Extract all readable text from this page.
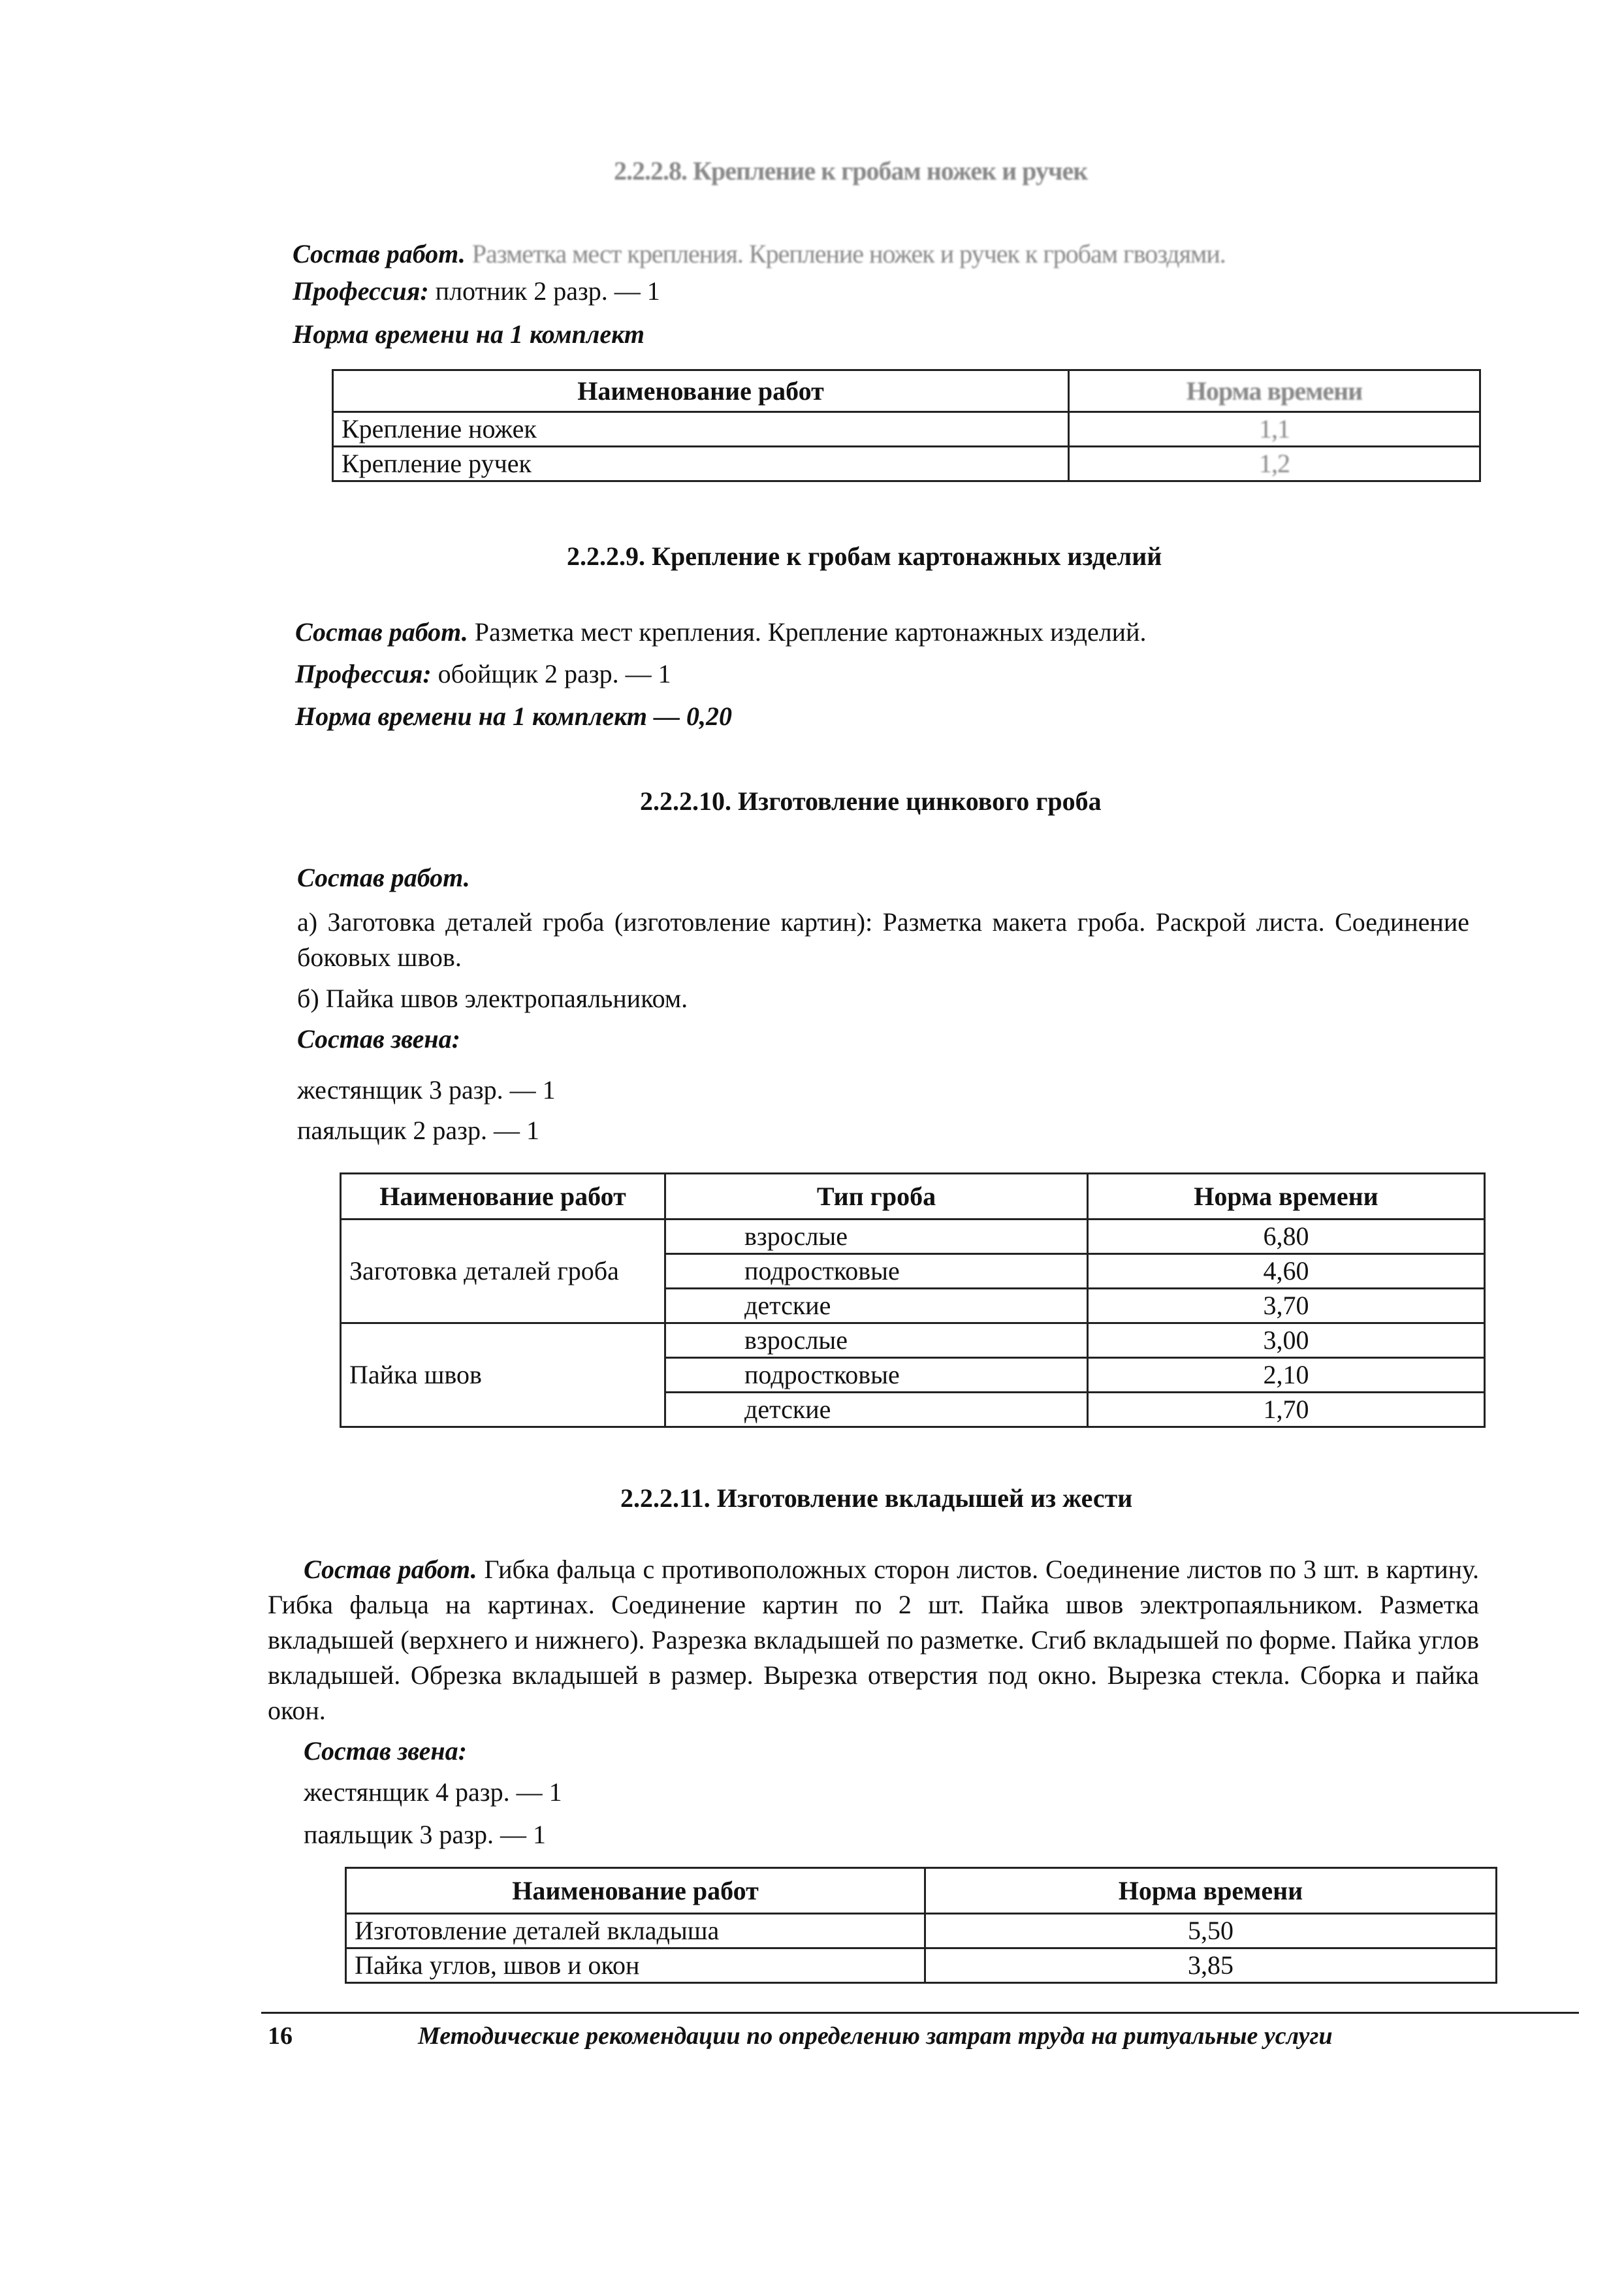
2.2.2.8. Крепление к гробам ножек и ручек
Состав работ. Разметка мест крепления. Крепление ножек и ручек к гробам гвоздями.
Профессия: плотник 2 разр. — 1
Норма времени на 1 комплект
Наименование работ	Норма времени
Крепление ножек	1,1
Крепление ручек	1,2
2.2.2.9. Крепление к гробам картонажных изделий
Состав работ. Разметка мест крепления. Крепление картонажных изделий.
Профессия: обойщик 2 разр. — 1
Норма времени на 1 комплект — 0,20
2.2.2.10. Изготовление цинкового гроба
Состав работ.
а) Заготовка деталей гроба (изготовление картин): Разметка макета гроба. Раскрой листа. Соединение боковых швов.
б) Пайка швов электропаяльником.
Состав звена:
жестянщик 3 разр. — 1
паяльщик 2 разр. — 1
Наименование работ	Тип гроба	Норма времени
Заготовка деталей гроба	взрослые	6,80
	подростковые	4,60
	детские	3,70
Пайка швов	взрослые	3,00
	подростковые	2,10
	детские	1,70
2.2.2.11. Изготовление вкладышей из жести
Состав работ. Гибка фальца с противоположных сторон листов. Соединение листов по 3 шт. в картину. Гибка фальца на картинах. Соединение картин по 2 шт. Пайка швов электропаяльником. Разметка вкладышей (верхнего и нижнего). Разрезка вкладышей по разметке. Сгиб вкладышей по форме. Пайка углов вкладышей. Обрезка вкладышей в размер. Вырезка отверстия под окно. Вырезка стекла. Сборка и пайка окон.
Состав звена:
жестянщик 4 разр. — 1
паяльщик 3 разр. — 1
Наименование работ	Норма времени
Изготовление деталей вкладыша	5,50
Пайка углов, швов и окон	3,85
16	Методические рекомендации по определению затрат труда на ритуальные услуги
